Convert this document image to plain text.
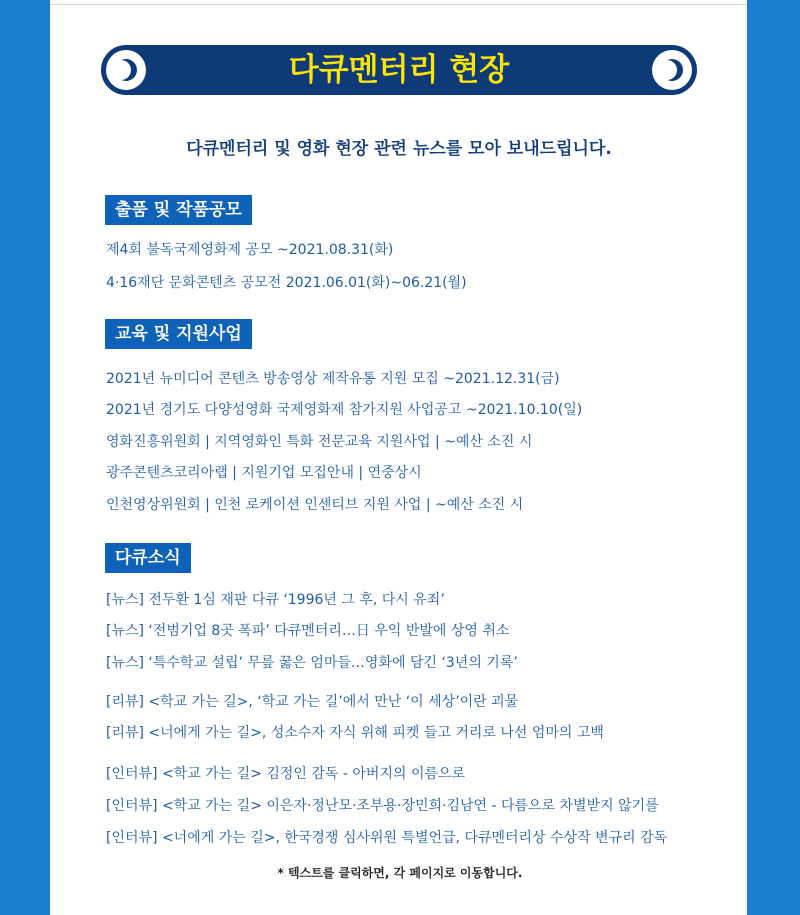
다큐멘터리 현장
다큐멘터리 및 영화 현장 관련 뉴스를 모아 보내드립니다.
출품 및 작품공모
제4회 불독국제영화제 공모 ~2021.08.31(화)
4·16재단 문화콘텐츠 공모전 2021.06.01(화)~06.21(월)
교육 및 지원사업
2021년 뉴미디어 콘텐츠 방송영상 제작유통 지원 모집 ~2021.12.31(금)
2021년 경기도 다양성영화 국제영화제 참가지원 사업공고 ~2021.10.10(일)
영화진흥위원회 | 지역영화인 특화 전문교육 지원사업 | ~예산 소진 시
광주콘텐츠코리아랩 | 지원기업 모집안내 | 연중상시
인천영상위원회 | 인천 로케이션 인센티브 지원 사업 | ~예산 소진 시
다큐소식
[뉴스] 전두환 1심 재판 다큐 ‘1996년 그 후, 다시 유죄’
[뉴스] ‘전범기업 8곳 폭파’ 다큐멘터리…日 우익 반발에 상영 취소
[뉴스] ‘특수학교 설립’ 무릎 꿇은 엄마들…영화에 담긴 ‘3년의 기록’
[리뷰] <학교 가는 길>, ‘학교 가는 길’에서 만난 ‘이 세상’이란 괴물
[리뷰] <너에게 가는 길>, 성소수자 자식 위해 피켓 들고 거리로 나선 엄마의 고백
[인터뷰] <학교 가는 길> 김정인 감독 - 아버지의 이름으로
[인터뷰] <학교 가는 길> 이은자·정난모·조부용·장민희·김남연 - 다름으로 차별받지 않기를
[인터뷰] <너에게 가는 길>, 한국경쟁 심사위원 특별언급, 다큐멘터리상 수상작 변규리 감독
* 텍스트를 클릭하면, 각 페이지로 이동합니다.
